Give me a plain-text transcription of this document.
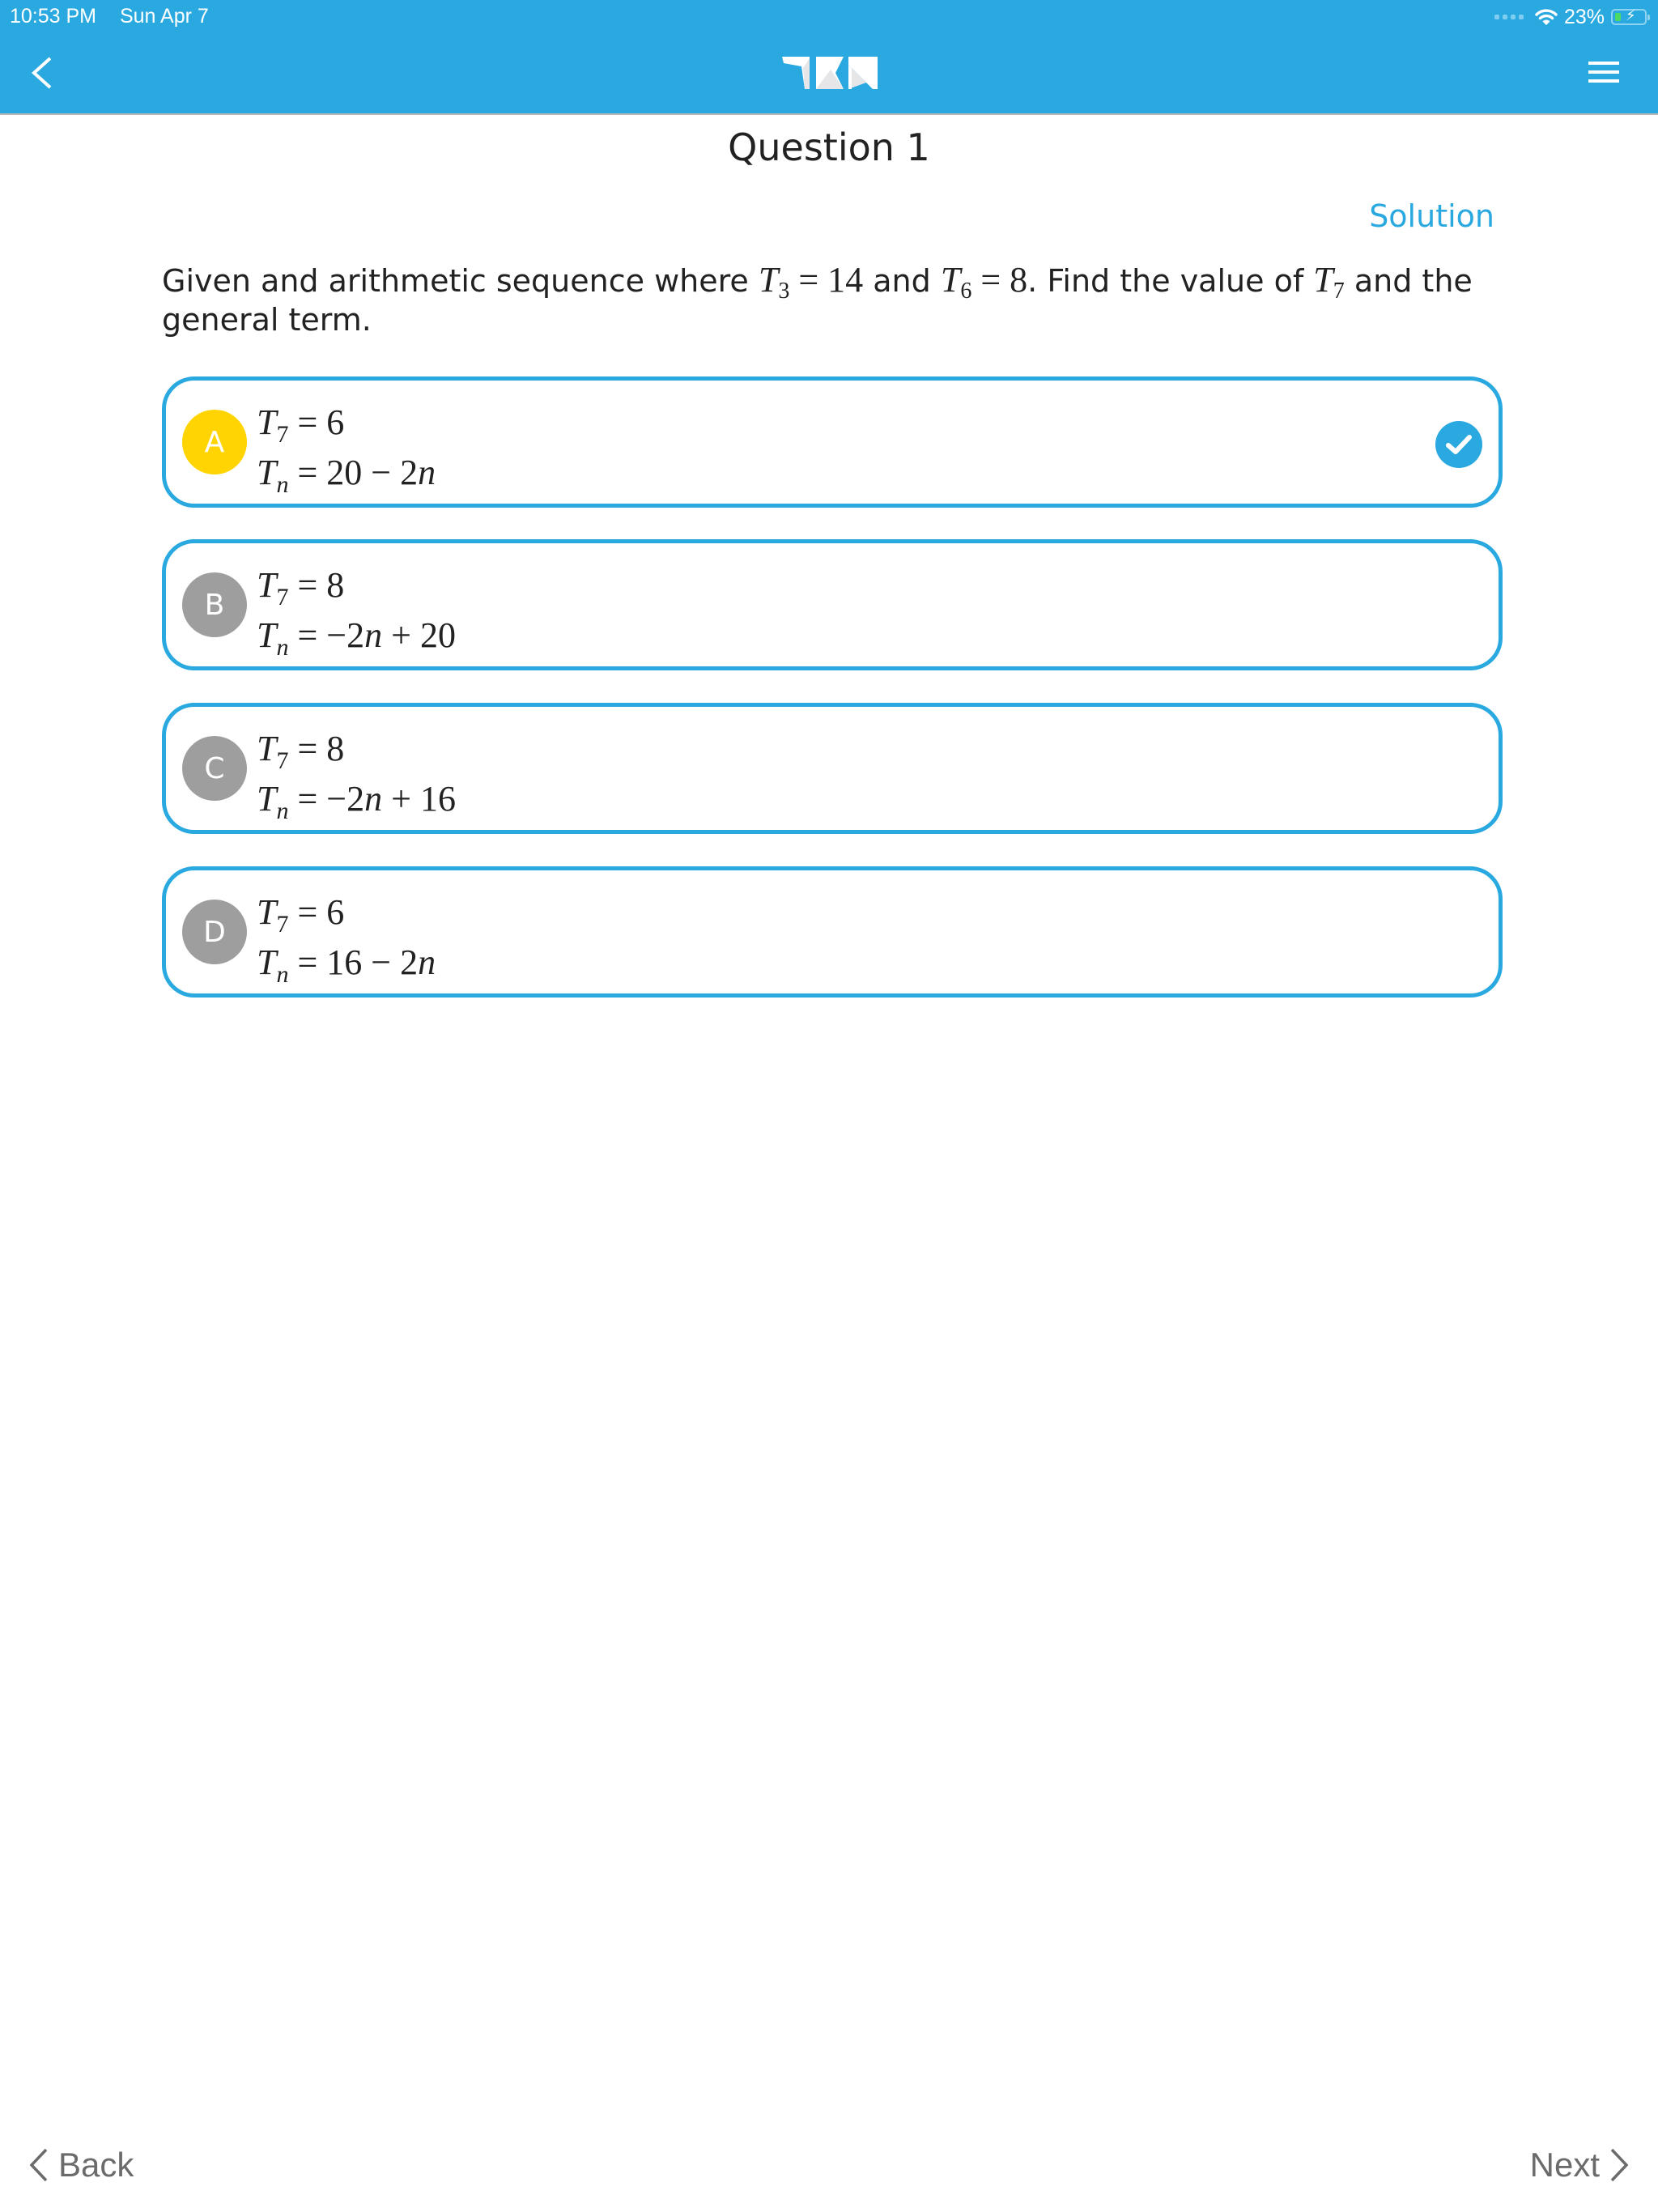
10:53 PM Sun Apr 7	23% ⚡
Question 1
Solution
Given and arithmetic sequence where $T_3 = 14$ and $T_6 = 8$. Find the value of $T_7$ and the general term.
A $T_7 = 6$
$T_n = 20 - 2n$
B $T_7 = 8$
$T_n = -2n + 20$
C $T_7 = 8$
$T_n = -2n + 16$
D $T_7 = 6$
$T_n = 16 - 2n$
Back	Next
